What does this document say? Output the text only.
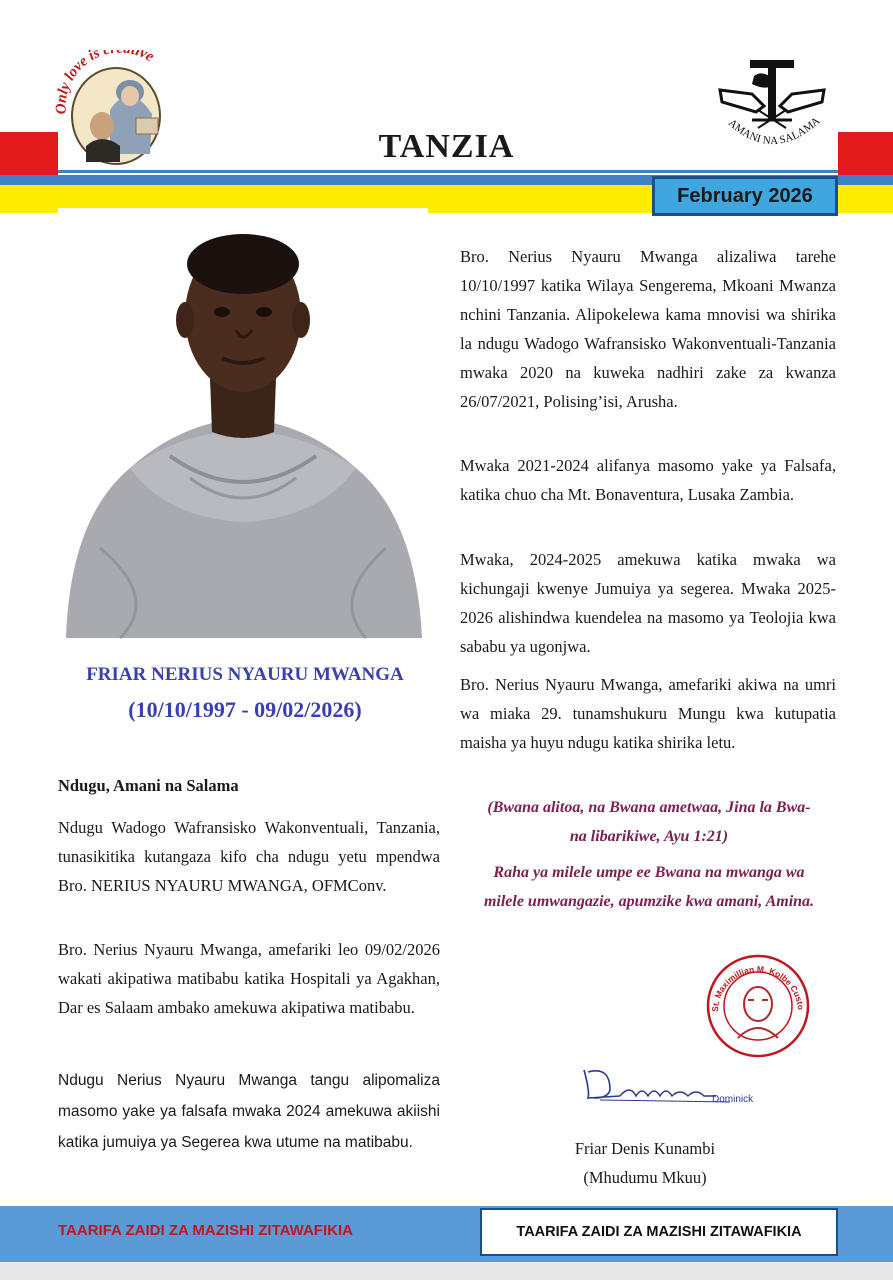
Only love is c tive
AMANI NA SALAMA
TANZIA
February 2026
FRIAR NERIUS NYAURU MWANGA
(10/10/1997 - 09/02/2026)
Ndugu, Amani na Salama
Ndugu Wadogo Wafransisko Wakonventuali, Tanzania, tunasikitika kutangaza kifo cha ndugu yetu mpendwa Bro. NERIUS NYAURU MWANGA, OFMConv.
Bro. Nerius Nyauru Mwanga, amefariki leo 09/02/2026 wakati akipatiwa matibabu katika Hospitali ya Agakhan, Dar es Salaam ambako amekuwa akipatiwa matibabu.
Ndugu Nerius Nyauru Mwanga tangu alipomaliza masomo yake ya falsafa mwaka 2024 amekuwa akiishi katika jumuiya ya Segerea kwa utume na matibabu.
Bro. Nerius Nyauru Mwanga alizaliwa tarehe 10/10/1997 katika Wilaya Sengerema, Mkoani Mwanza nchini Tanzania. Alipokelewa kama mnovisi wa shirika la ndugu Wadogo Wafransisko Wakonventuali-Tanzania mwaka 2020 na kuweka nadhiri zake za kwanza 26/07/2021, Polising’isi, Arusha.
Mwaka 2021-2024 alifanya masomo yake ya Falsafa, katika chuo cha Mt. Bonaventura, Lusaka Zambia.
Mwaka, 2024-2025 amekuwa katika mwaka wa kichungaji kwenye Jumuiya ya segerea. Mwaka 2025-2026 alishindwa kuendelea na masomo ya Teolojia kwa sababu ya ugonjwa.
Bro. Nerius Nyauru Mwanga, amefariki akiwa na umri wa miaka 29. tunamshukuru Mungu kwa kutupatia maisha ya huyu ndugu katika shirika letu.
(Bwana alitoa, na Bwana ametwaa, Jina la Bwa-
na libarikiwe, Ayu 1:21)
Raha ya milele umpe ee Bwana na mwanga wa
milele umwangazie, apumzike kwa amani, Amina.
St. Maximillian M. Kolbe Custo
Dominick
Friar Denis Kunambi
(Mhudumu Mkuu)
TAARIFA ZAIDI ZA MAZISHI ZITAWAFIKIA	TAARIFA ZAIDI ZA MAZISHI ZITAWAFIKIA
